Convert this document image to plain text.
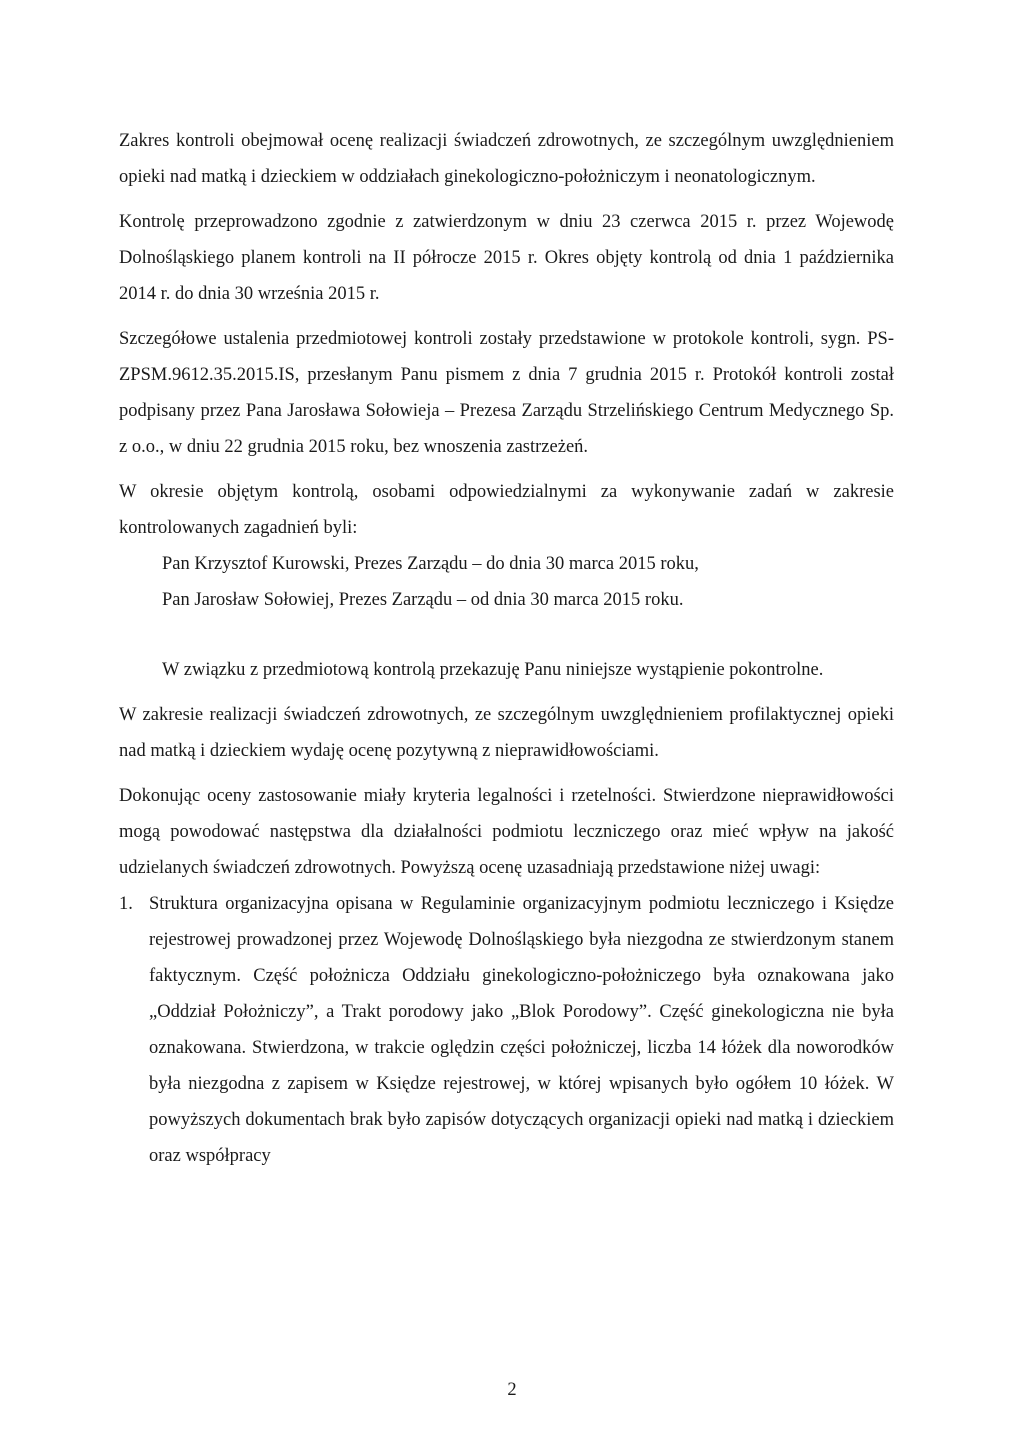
Zakres kontroli obejmował ocenę realizacji świadczeń zdrowotnych, ze szczególnym uwzględnieniem opieki nad matką i dzieckiem w oddziałach ginekologiczno-położniczym i neonatologicznym.

Kontrolę przeprowadzono zgodnie z zatwierdzonym w dniu 23 czerwca 2015 r. przez Wojewodę Dolnośląskiego planem kontroli na II półrocze 2015 r. Okres objęty kontrolą od dnia 1 października 2014 r. do dnia 30 września 2015 r.

Szczegółowe ustalenia przedmiotowej kontroli zostały przedstawione w protokole kontroli, sygn. PS-ZPSM.9612.35.2015.IS, przesłanym Panu pismem z dnia 7 grudnia 2015 r. Protokół kontroli został podpisany przez Pana Jarosława Sołowieja – Prezesa Zarządu Strzelińskiego Centrum Medycznego Sp. z o.o., w dniu 22 grudnia 2015 roku, bez wnoszenia zastrzeżeń.

W okresie objętym kontrolą, osobami odpowiedzialnymi za wykonywanie zadań w zakresie kontrolowanych zagadnień byli:

Pan Krzysztof Kurowski, Prezes Zarządu – do dnia 30 marca 2015 roku,
Pan Jarosław Sołowiej, Prezes Zarządu – od dnia 30 marca 2015 roku.

W związku z przedmiotową kontrolą przekazuję Panu niniejsze wystąpienie pokontrolne.

W zakresie realizacji świadczeń zdrowotnych, ze szczególnym uwzględnieniem profilaktycznej opieki nad matką i dzieckiem wydaję ocenę pozytywną z nieprawidłowościami.

Dokonując oceny zastosowanie miały kryteria legalności i rzetelności. Stwierdzone nieprawidłowości mogą powodować następstwa dla działalności podmiotu leczniczego oraz mieć wpływ na jakość udzielanych świadczeń zdrowotnych. Powyższą ocenę uzasadniają przedstawione niżej uwagi:

1. Struktura organizacyjna opisana w Regulaminie organizacyjnym podmiotu leczniczego i Księdze rejestrowej prowadzonej przez Wojewodę Dolnośląskiego była niezgodna ze stwierdzonym stanem faktycznym. Część położnicza Oddziału ginekologiczno-położniczego była oznakowana jako „Oddział Położniczy”, a Trakt porodowy jako „Blok Porodowy”. Część ginekologiczna nie była oznakowana. Stwierdzona, w trakcie oględzin części położniczej, liczba 14 łóżek dla noworodków była niezgodna z zapisem w Księdze rejestrowej, w której wpisanych było ogółem 10 łóżek. W powyższych dokumentach brak było zapisów dotyczących organizacji opieki nad matką i dzieckiem oraz współpracy
2
